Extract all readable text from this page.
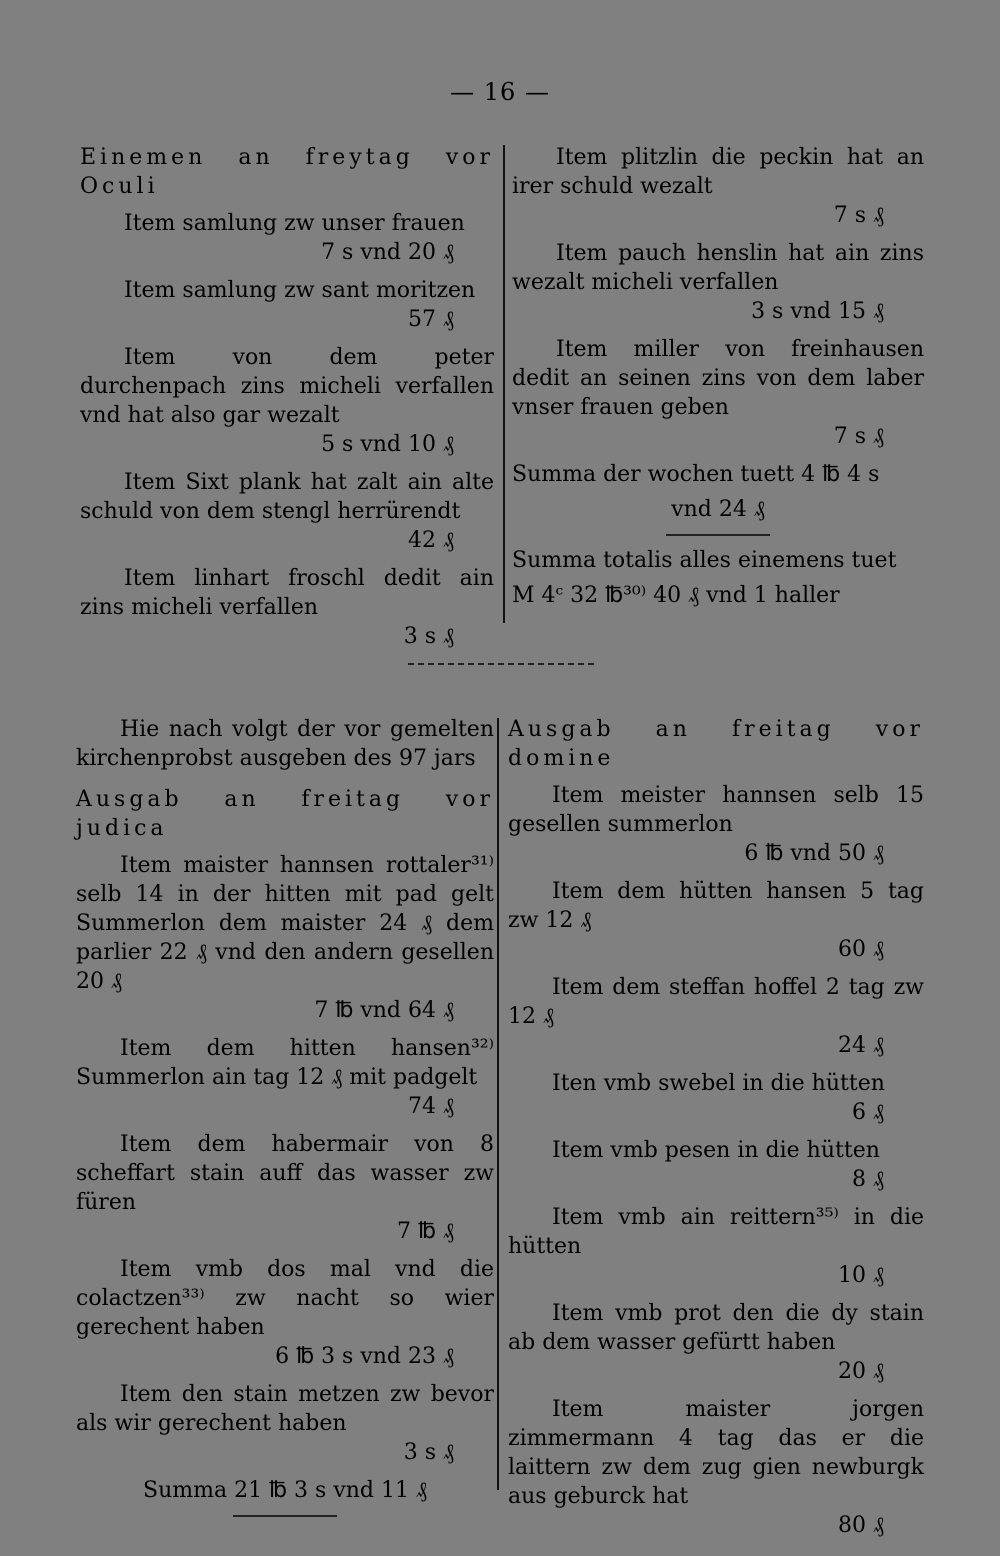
— 16 —
Einemen an freytag vor Oculi
Item samlung zw unser frauen
7 s vnd 20 ₰
Item samlung zw sant moritzen
57 ₰
Item von dem peter durchenpach zins micheli verfallen vnd hat also gar wezalt
5 s vnd 10 ₰
Item Sixt plank hat zalt ain alte schuld von dem stengl herrürendt
42 ₰
Item linhart froschl dedit ain zins micheli verfallen
3 s ₰
Item plitzlin die peckin hat an irer schuld wezalt
7 s ₰
Item pauch henslin hat ain zins wezalt micheli verfallen
3 s vnd 15 ₰
Item miller von freinhausen dedit an seinen zins von dem laber vnser frauen geben
7 s ₰
Summa der wochen tuett 4 ℔ 4 s
vnd 24 ₰
Summa totalis alles einemens tuet
M 4ᶜ 32 ℔³⁰⁾ 40 ₰ vnd 1 haller
Hie nach volgt der vor gemelten kirchenprobst ausgeben des 97 jars
Ausgab an freitag vor judica
Item maister hannsen rottaler³¹⁾ selb 14 in der hitten mit pad gelt Summerlon dem maister 24 ₰ dem parlier 22 ₰ vnd den andern gesellen 20 ₰
7 ℔ vnd 64 ₰
Item dem hitten hansen³²⁾ Summerlon ain tag 12 ₰ mit padgelt
74 ₰
Item dem habermair von 8 scheffart stain auff das wasser zw füren
7 ℔ ₰
Item vmb dos mal vnd die colactzen³³⁾ zw nacht so wier gerechent haben
6 ℔ 3 s vnd 23 ₰
Item den stain metzen zw bevor als wir gerechent haben
3 s ₰
Summa 21 ℔ 3 s vnd 11 ₰
Ausgab an freitag vor domine
Item meister hannsen selb 15 gesellen summerlon
6 ℔ vnd 50 ₰
Item dem hütten hansen 5 tag zw 12 ₰
60 ₰
Item dem steffan hoffel 2 tag zw 12 ₰
24 ₰
Iten vmb swebel in die hütten
6 ₰
Item vmb pesen in die hütten
8 ₰
Item vmb ain reittern³⁵⁾ in die hütten
10 ₰
Item vmb prot den die dy stain ab dem wasser gefürtt haben
20 ₰
Item maister jorgen zimmermann 4 tag das er die laittern zw dem zug gien newburgk aus geburck hat
80 ₰
